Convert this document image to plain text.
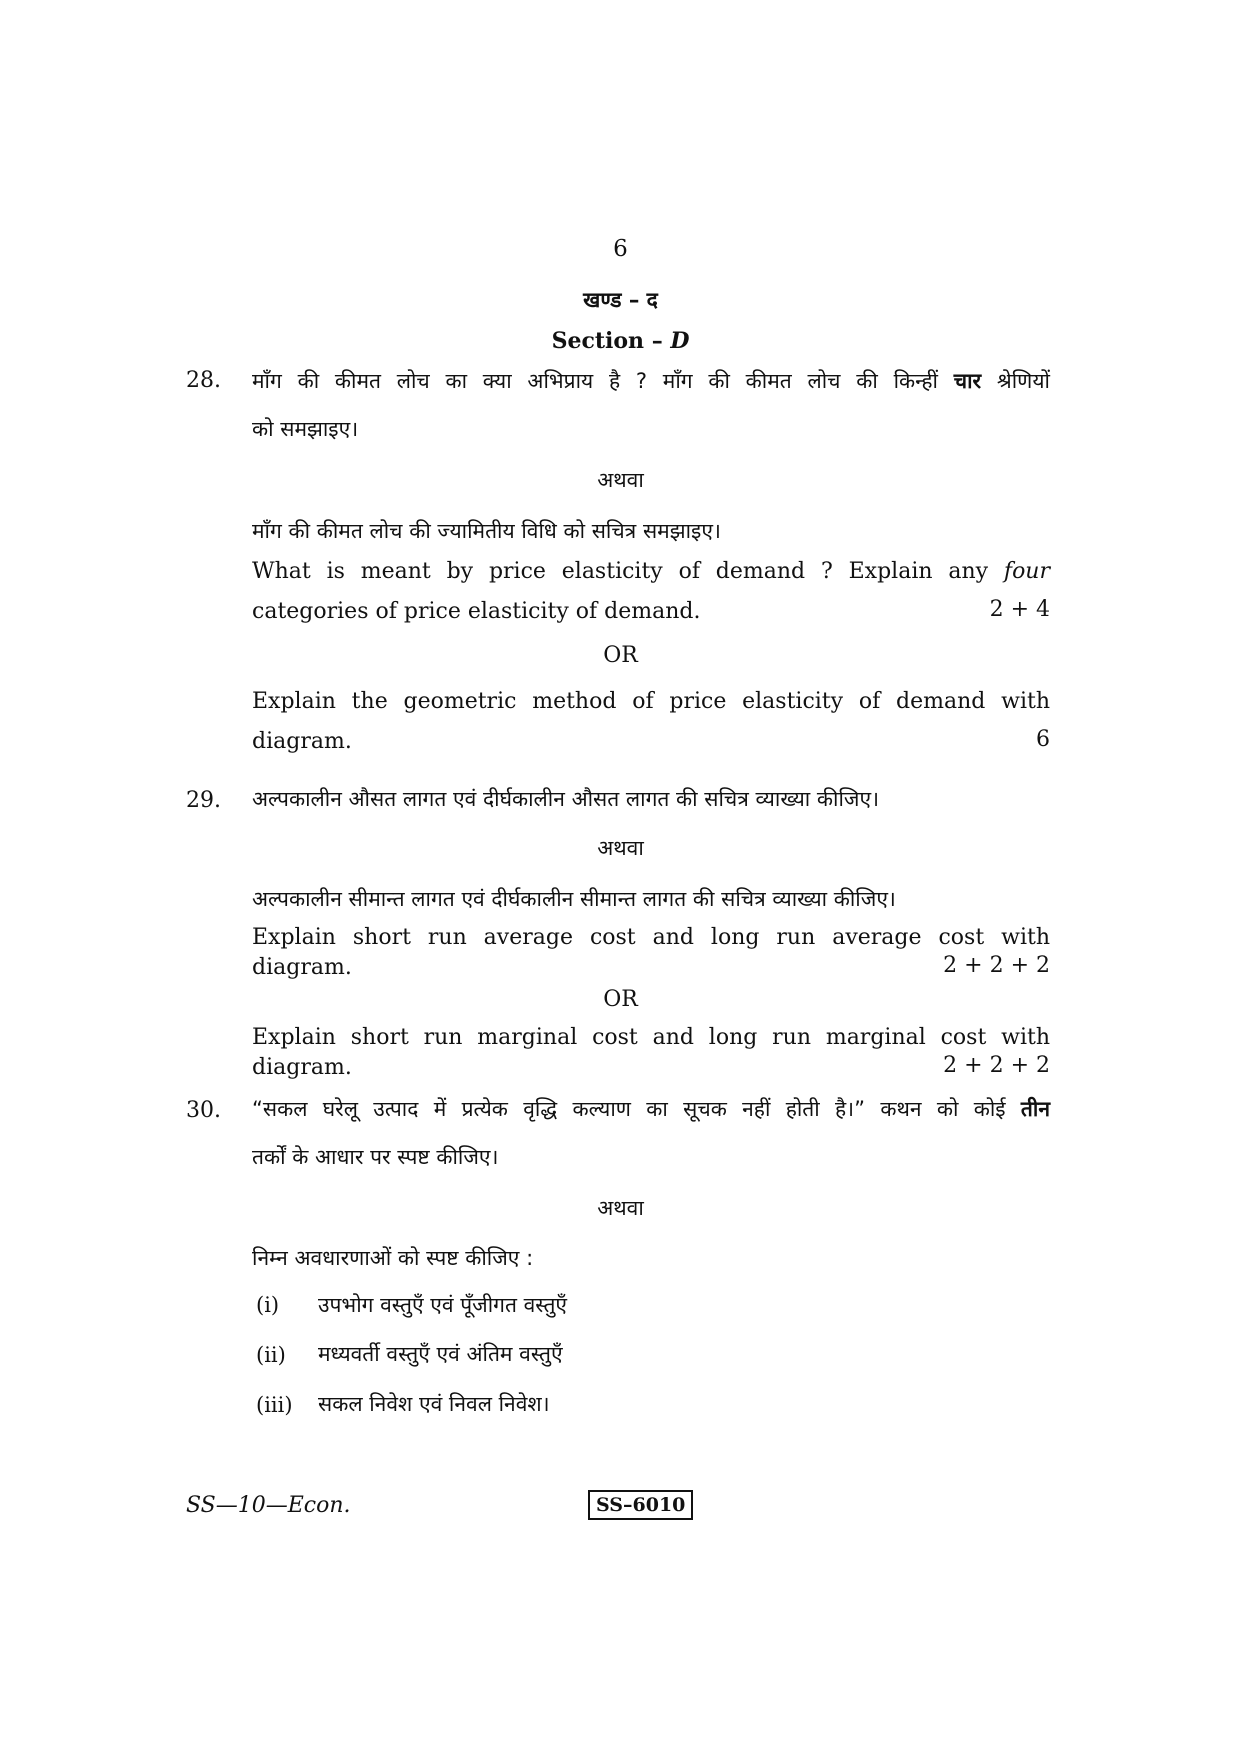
6
खण्ड – द
Section – D
28. माँग की कीमत लोच का क्या अभिप्राय है ? माँग की कीमत लोच की किन्हीं चार श्रेणियों
को समझाइए।
अथवा
माँग की कीमत लोच की ज्यामितीय विधि को सचित्र समझाइए।
What is meant by price elasticity of demand ? Explain any four
categories of price elasticity of demand.	2 + 4
OR
Explain the geometric method of price elasticity of demand with
diagram.	6
29. अल्पकालीन औसत लागत एवं दीर्घकालीन औसत लागत की सचित्र व्याख्या कीजिए।
अथवा
अल्पकालीन सीमान्त लागत एवं दीर्घकालीन सीमान्त लागत की सचित्र व्याख्या कीजिए।
Explain short run average cost and long run average cost with
diagram.	2 + 2 + 2
OR
Explain short run marginal cost and long run marginal cost with
diagram.	2 + 2 + 2
30. “सकल घरेलू उत्पाद में प्रत्येक वृद्धि कल्याण का सूचक नहीं होती है।” कथन को कोई तीन
तर्कों के आधार पर स्पष्ट कीजिए।
अथवा
निम्न अवधारणाओं को स्पष्ट कीजिए :
(i) उपभोग वस्तुएँ एवं पूँजीगत वस्तुएँ
(ii) मध्यवर्ती वस्तुएँ एवं अंतिम वस्तुएँ
(iii) सकल निवेश एवं निवल निवेश।
SS—10—Econ.	SS–6010
